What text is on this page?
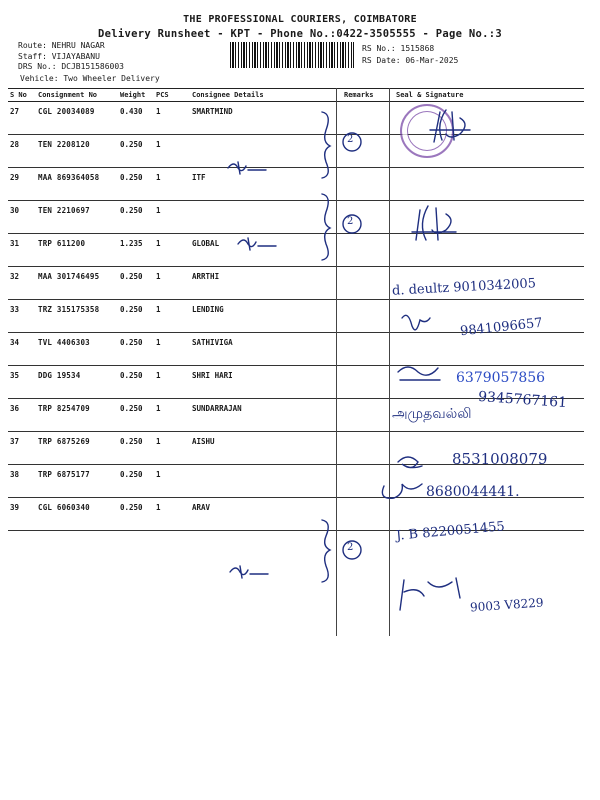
THE PROFESSIONAL COURIERS, COIMBATORE
Delivery Runsheet - KPT - Phone No.:0422-3505555 - Page No.:3
Route: NEHRU NAGAR
Staff: VIJAYABANU
DRS No.: DCJB151586003
Vehicle: Two Wheeler Delivery
RS No.: 1515868
RS Date: 06-Mar-2025
S No	Consignment No	Weight	PCS	Consignee Details	Remarks	Seal & Signature
27	CGL 20034089	0.430	1	SMARTMIND		
28	TEN 2208120	0.250	1			
29	MAA 869364058	0.250	1	ITF		
30	TEN 2210697	0.250	1			
31	TRP 611200	1.235	1	GLOBAL		
32	MAA 301746495	0.250	1	ARRTHI		
33	TRZ 315175358	0.250	1	LENDING		
34	TVL 4406303	0.250	1	SATHIVIGA		
35	DDG 19534	0.250	1	SHRI HARI		
36	TRP 8254709	0.250	1	SUNDARRAJAN		
37	TRP 6875269	0.250	1	AISHU		
38	TRP 6875177	0.250	1			
39	CGL 6060340	0.250	1	ARAV		
2
2
2
d. deultz 9010342005
9841096657
6379057856
9345767161
அமுதவல்லி
8531008079
8680044441.
J. B 8220051455
9003 V8229
